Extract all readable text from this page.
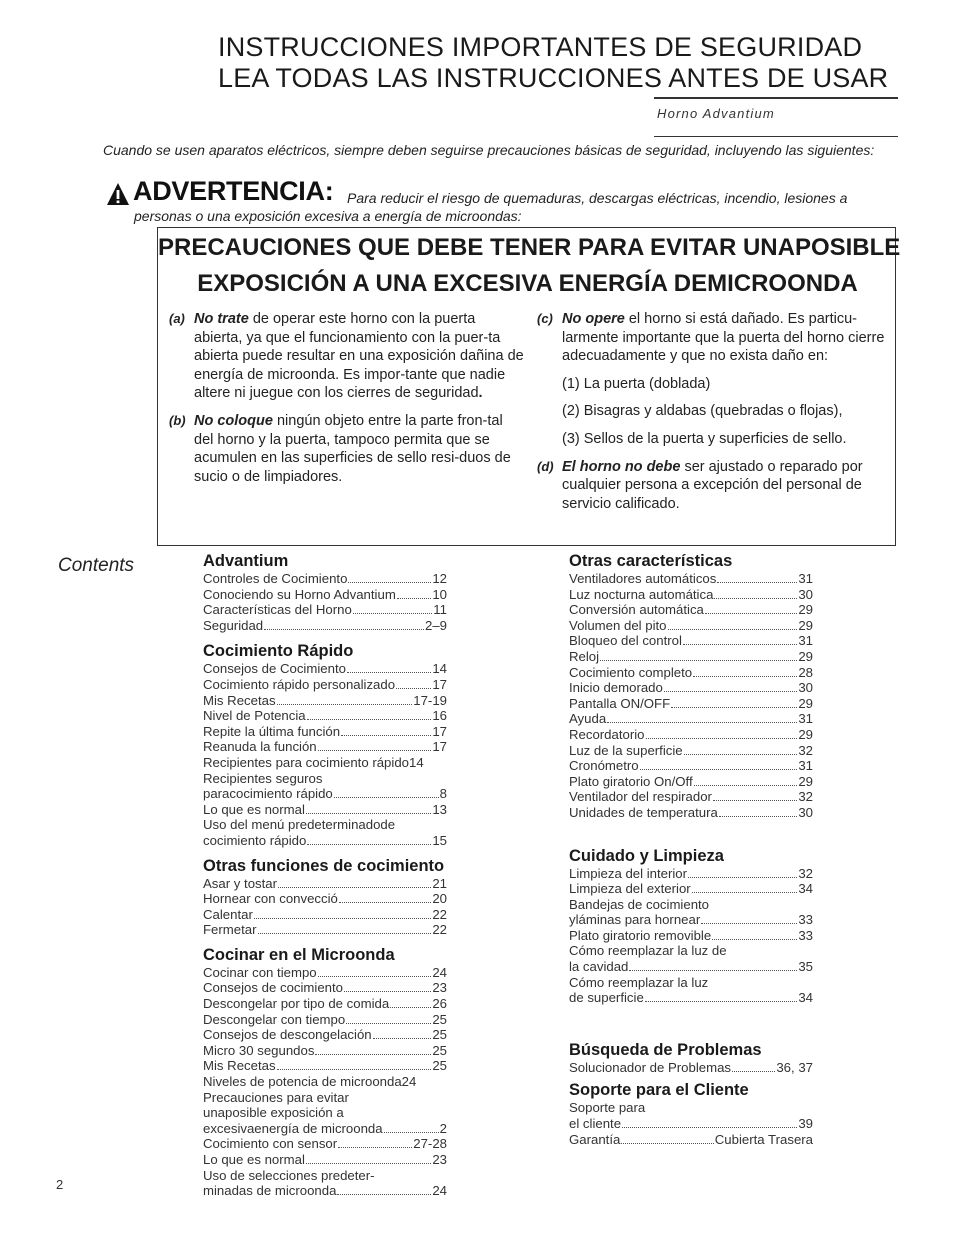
INSTRUCCIONES IMPORTANTES DE SEGURIDAD
LEA TODAS LAS INSTRUCCIONES ANTES DE USAR
Horno Advantium
Cuando se usen aparatos eléctricos, siempre deben seguirse precauciones básicas de seguridad, incluyendo las siguientes:
ADVERTENCIA: Para reducir el riesgo de quemaduras, descargas eléctricas, incendio, lesiones a
personas o una exposición excesiva a energía de microondas:
PRECAUCIONES QUE DEBE TENER PARA EVITAR UNAPOSIBLE
EXPOSICIÓN A UNA EXCESIVA ENERGÍA DEMICROONDA

(a) No trate de operar este horno con la puerta abierta, ya que el funcionamiento con la puer-ta abierta puede resultar en una exposición dañina de energía de microonda. Es impor-tante que nadie altere ni juegue con los cierres de seguridad.

(b) No coloque ningún objeto entre la parte fron-tal del horno y la puerta, tampoco permita que se acumulen en las superficies de sello resi-duos de sucio o de limpiadores.

(c) No opere el horno si está dañado. Es particu-larmente importante que la puerta del horno cierre adecuadamente y que no exista daño en:

(1) La puerta (doblada)

(2) Bisagras y aldabas (quebradas o flojas),

(3) Sellos de la puerta y superficies de sello.

(d) El horno no debe ser ajustado o reparado por cualquier persona a excepción del personal de servicio calificado.

Contents	Advantium
Controles de Cocimiento	12
Conociendo su Horno Advantium	10
Características del Horno	11
Seguridad	2–9
Cocimiento Rápido
Consejos de Cocimiento	14
Cocimiento rápido personalizado	17
Mis Recetas	17-19
Nivel de Potencia	16
Repite la última función	17
Reanuda la función	17
Recipientes para cocimiento rápido 14
Recipientes seguros
paracocimiento rápido	8
Lo que es normal	13
Uso del menú predeterminadode
cocimiento rápido	15
Otras funciones de cocimiento
Asar y tostar	21
Hornear con convecció	20
Calentar	22
Fermetar	22
Cocinar en el Microonda
Cocinar con tiempo	24
Consejos de cocimiento	23
Descongelar por tipo de comida	26
Descongelar con tiempo	25
Consejos de descongelación	25
Micro 30 segundos	25
Mis Recetas	25
Niveles de potencia de microonda 24
Precauciones para evitar
unaposible exposición a
excesivaenergía de microonda	2
Cocimiento con sensor	27-28
Lo que es normal	23
Uso de selecciones predeter-
minadas de microonda	24
Otras características
Ventiladores automáticos	31
Luz nocturna automática	30
Conversión automática	29
Volumen del pito	29
Bloqueo del control	31
Reloj	29
Cocimiento completo	28
Inicio demorado	30
Pantalla ON/OFF	29
Ayuda	31
Recordatorio	29
Luz de la superficie	32
Cronómetro	31
Plato giratorio On/Off	29
Ventilador del respirador	32
Unidades de temperatura	30
Cuidado y Limpieza
Limpieza del interior	32
Limpieza del exterior	34
Bandejas de cocimiento
yláminas para hornear	33
Plato giratorio removible	33
Cómo reemplazar la luz de
la cavidad	35
Cómo reemplazar la luz
de superficie	34
Búsqueda de Problemas
Solucionador de Problemas	36, 37
Soporte para el Cliente
Soporte para
el cliente	39
Garantía	Cubierta Trasera
2
